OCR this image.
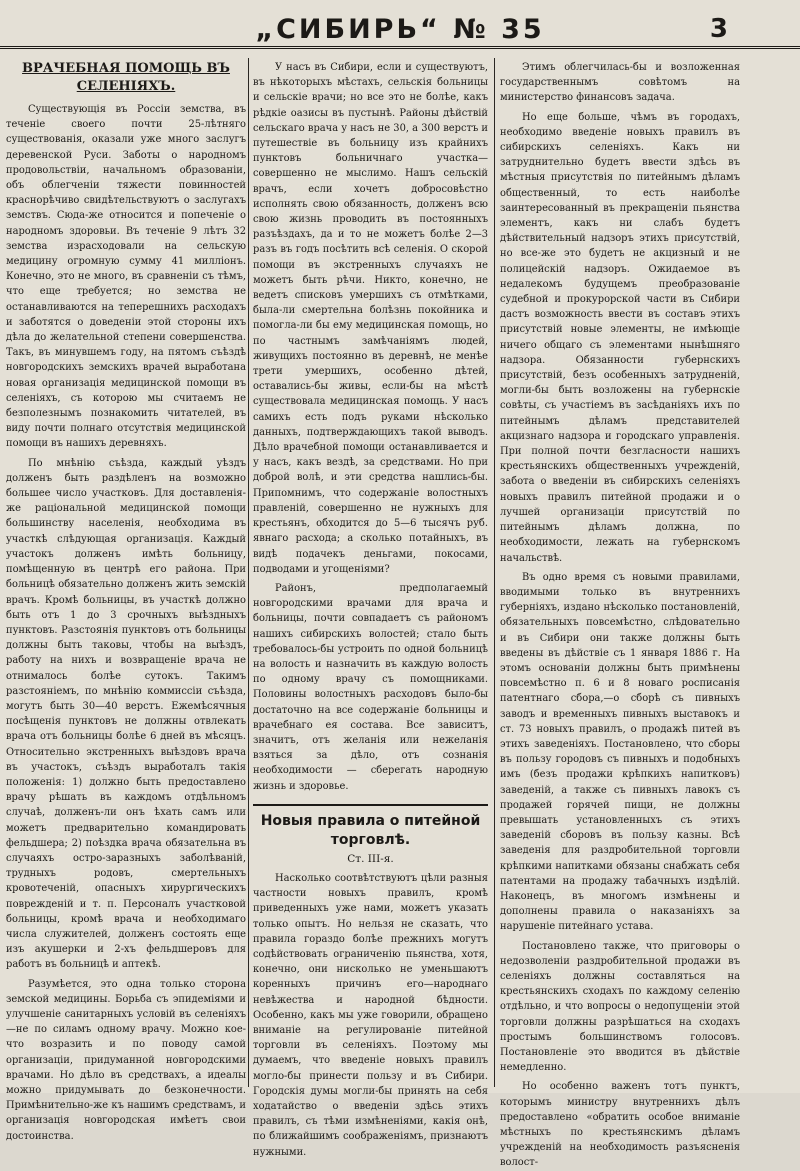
„СИБИРЬ“ № 35	3
ВРАЧЕБНАЯ ПОМОЩЬ ВЪ СЕЛЕНІЯХЪ.

Существующія въ Россіи земства, въ теченіе своего почти 25-лѣтняго существованія, оказали уже много заслугъ деревенской Руси. Заботы о народномъ продовольствіи, начальномъ образованіи, объ облегченіи тяжести повинностей краснорѣчиво свидѣтельствуютъ о заслугахъ земствъ. Сюда-же относится и попеченіе о народномъ здоровьи. Въ теченіе 9 лѣтъ 32 земства израсходовали на сельскую медицину огромную сумму 41 милліонъ. Конечно, это не много, въ сравненіи съ тѣмъ, что еще требуется; но земства не останавливаются на теперешнихъ расходахъ и заботятся о доведеніи этой стороны ихъ дѣла до желательной степени совершенства. Такъ, въ минувшемъ году, на пятомъ съѣздѣ новгородскихъ земскихъ врачей выработана новая организація медицинской помощи въ селеніяхъ, съ которою мы считаемъ не безполезнымъ познакомить читателей, въ виду почти полнаго отсутствія медицинской помощи въ нашихъ деревняхъ.

По мнѣнію съѣзда, каждый уѣздъ долженъ быть раздѣленъ на возможно большее число участковъ. Для доставленія-же раціональной медицинской помощи большинству населенія, необходима въ участкѣ слѣдующая организація. Каждый участокъ долженъ имѣть больницу, помѣщенную въ центрѣ его района. При больницѣ обязательно долженъ жить земскій врачъ. Кромѣ больницы, въ участкѣ должно быть отъ 1 до 3 срочныхъ выѣздныхъ пунктовъ. Разстоянія пунктовъ отъ больницы должны быть таковы, чтобы на выѣздъ, работу на нихъ и возвращеніе врача не отнималось болѣе сутокъ. Такимъ разстояніемъ, по мнѣнію коммиссіи съѣзда, могутъ быть 30—40 верстъ. Ежемѣсячныя посѣщенія пунктовъ не должны отвлекать врача отъ больницы болѣе 6 дней въ мѣсяцъ. Относительно экстренныхъ выѣздовъ врача въ участокъ, съѣздъ выработалъ такія положенія: 1) должно быть предоставлено врачу рѣшать въ каждомъ отдѣльномъ случаѣ, долженъ-ли онъ ѣхать самъ или можетъ предварительно командировать фельдшера; 2) поѣздка врача обязательна въ случаяхъ остро-заразныхъ заболѣваній, трудныхъ родовъ, смертельныхъ кровотеченій, опасныхъ хирургическихъ поврежденій и т. п. Персоналъ участковой больницы, кромѣ врача и необходимаго числа служителей, долженъ состоять еще изъ акушерки и 2-хъ фельдшеровъ для работъ въ больницѣ и аптекѣ.

Разумѣется, это одна только сторона земской медицины. Борьба съ эпидеміями и улучшеніе санитарныхъ условій въ селеніяхъ—не по силамъ одному врачу. Можно кое-что возразить и по поводу самой организаціи, придуманной новгородскими врачами. Но дѣло въ средствахъ, а идеалы можно придумывать до безконечности. Примѣнительно-же къ нашимъ средствамъ, и организація новгородская имѣетъ свои достоинства.

У насъ въ Сибири, если и существуютъ, въ нѣкоторыхъ мѣстахъ, сельскія больницы и сельскіе врачи; но все это не болѣе, какъ рѣдкіе оазисы въ пустынѣ. Районы дѣйствій сельскаго врача у насъ не 30, а 300 верстъ и путешествіе въ больницу изъ крайнихъ пунктовъ больничнаго участка—совершенно не мыслимо. Нашъ сельскій врачъ, если хочетъ добросовѣстно исполнять свою обязанность, долженъ всю свою жизнь проводить въ постоянныхъ разъѣздахъ, да и то не можетъ болѣе 2—3 разъ въ годъ посѣтить всѣ селенія. О скорой помощи въ экстренныхъ случаяхъ не можетъ быть рѣчи. Никто, конечно, не ведетъ списковъ умершихъ съ отмѣтками, была-ли смертельна болѣзнь покойника и помогла-ли бы ему медицинская помощь, но по частнымъ замѣчаніямъ людей, живущихъ постоянно въ деревнѣ, не менѣе трети умершихъ, особенно дѣтей, оставались-бы живы, если-бы на мѣстѣ существовала медицинская помощь. У насъ самихъ есть подъ руками нѣсколько данныхъ, подтверждающихъ такой выводъ. Дѣло врачебной помощи останавливается и у насъ, какъ вездѣ, за средствами. Но при доброй волѣ, и эти средства нашлись-бы. Припомнимъ, что содержаніе волостныхъ правленій, совершенно не нужныхъ для крестьянъ, обходится до 5—6 тысячъ руб. явнаго расхода; а сколько потайныхъ, въ видѣ подачекъ деньгами, покосами, подводами и угощеніями?

Районъ, предполагаемый новгородскими врачами для врача и больницы, почти совпадаетъ съ райономъ нашихъ сибирскихъ волостей; стало быть требовалось-бы устроить по одной больницѣ на волость и назначить въ каждую волость по одному врачу съ помощниками. Половины волостныхъ расходовъ было-бы достаточно на все содержаніе больницы и врачебнаго ея состава. Все зависитъ, значитъ, отъ желанія или нежеланія взяться за дѣло, отъ сознанія необходимости — сберегать народную жизнь и здоровье.

Новыя правила о питейной торговлѣ.
Ст. III-я.

Насколько соотвѣтствуютъ цѣли разныя частности новыхъ правилъ, кромѣ приведенныхъ уже нами, можетъ указать только опытъ. Но нельзя не сказать, что правила гораздо болѣе прежнихъ могутъ содѣйствовать ограниченію пьянства, хотя, конечно, они нисколько не уменьшаютъ коренныхъ причинъ его—народнаго невѣжества и народной бѣдности. Особенно, какъ мы уже говорили, обращено вниманіе на регулированіе питейной торговли въ селеніяхъ. Поэтому мы думаемъ, что введеніе новыхъ правилъ могло-бы принести пользу и въ Сибири. Городскія думы могли-бы принять на себя ходатайство о введеніи здѣсь этихъ правилъ, съ тѣми измѣненіями, какія онѣ, по ближайшимъ соображеніямъ, признаютъ нужными.

Этимъ облегчилась-бы и возложенная государственнымъ совѣтомъ на министерство финансовъ задача.

Но еще больше, чѣмъ въ городахъ, необходимо введеніе новыхъ правилъ въ сибирскихъ селеніяхъ. Какъ ни затруднительно будетъ ввести здѣсь въ мѣстныя присутствія по питейнымъ дѣламъ общественный, то есть наиболѣе заинтересованный въ прекращеніи пьянства элементъ, какъ ни слабъ будетъ дѣйствительный надзоръ этихъ присутствій, но все-же это будетъ не акцизный и не полицейскій надзоръ. Ожидаемое въ недалекомъ будущемъ преобразованіе судебной и прокурорской части въ Сибири дастъ возможность ввести въ составъ этихъ присутствій новые элементы, не имѣющіе ничего общаго съ элементами нынѣшняго надзора. Обязанности губернскихъ присутствій, безъ особенныхъ затрудненій, могли-бы быть возложены на губернскіе совѣты, съ участіемъ въ засѣданіяхъ ихъ по питейнымъ дѣламъ представителей акцизнаго надзора и городскаго управленія. При полной почти безгласности нашихъ крестьянскихъ общественныхъ учрежденій, забота о введеніи въ сибирскихъ селеніяхъ новыхъ правилъ питейной продажи и о лучшей организаціи присутствій по питейнымъ дѣламъ должна, по необходимости, лежать на губернскомъ начальствѣ.

Въ одно время съ новыми правилами, вводимыми только въ внутреннихъ губерніяхъ, издано нѣсколько постановленій, обязательныхъ повсемѣстно, слѣдовательно и въ Сибири они также должны быть введены въ дѣйствіе съ 1 января 1886 г. На этомъ основаніи должны быть примѣнены повсемѣстно п. 6 и 8 новаго росписанія патентнаго сбора,—о сборѣ съ пивныхъ заводъ и временныхъ пивныхъ выставокъ и ст. 73 новыхъ правилъ, о продажѣ питей въ этихъ заведеніяхъ. Постановлено, что сборы въ пользу городовъ съ пивныхъ и подобныхъ имъ (безъ продажи крѣпкихъ напитковъ) заведеній, а также съ пивныхъ лавокъ съ продажей горячей пищи, не должны превышать установленныхъ съ этихъ заведеній сборовъ въ пользу казны. Всѣ заведенія для раздробительной торговли крѣпкими напитками обязаны снабжать себя патентами на продажу табачныхъ издѣлій. Наконецъ, въ многомъ измѣнены и дополнены правила о наказаніяхъ за нарушеніе питейнаго устава.

Постановлено также, что приговоры о недозволеніи раздробительной продажи въ селеніяхъ должны составляться на крестьянскихъ сходахъ по каждому селенію отдѣльно, и что вопросы о недопущеніи этой торговли должны разрѣшаться на сходахъ простымъ большинствомъ голосовъ. Постановленіе это вводится въ дѣйствіе немедленно.

Но особенно важенъ тотъ пунктъ, которымъ министру внутреннихъ дѣлъ предоставлено «обратить особое вниманіе мѣстныхъ по крестьянскимъ дѣламъ учрежденій на необходимость разъясненія волост-
